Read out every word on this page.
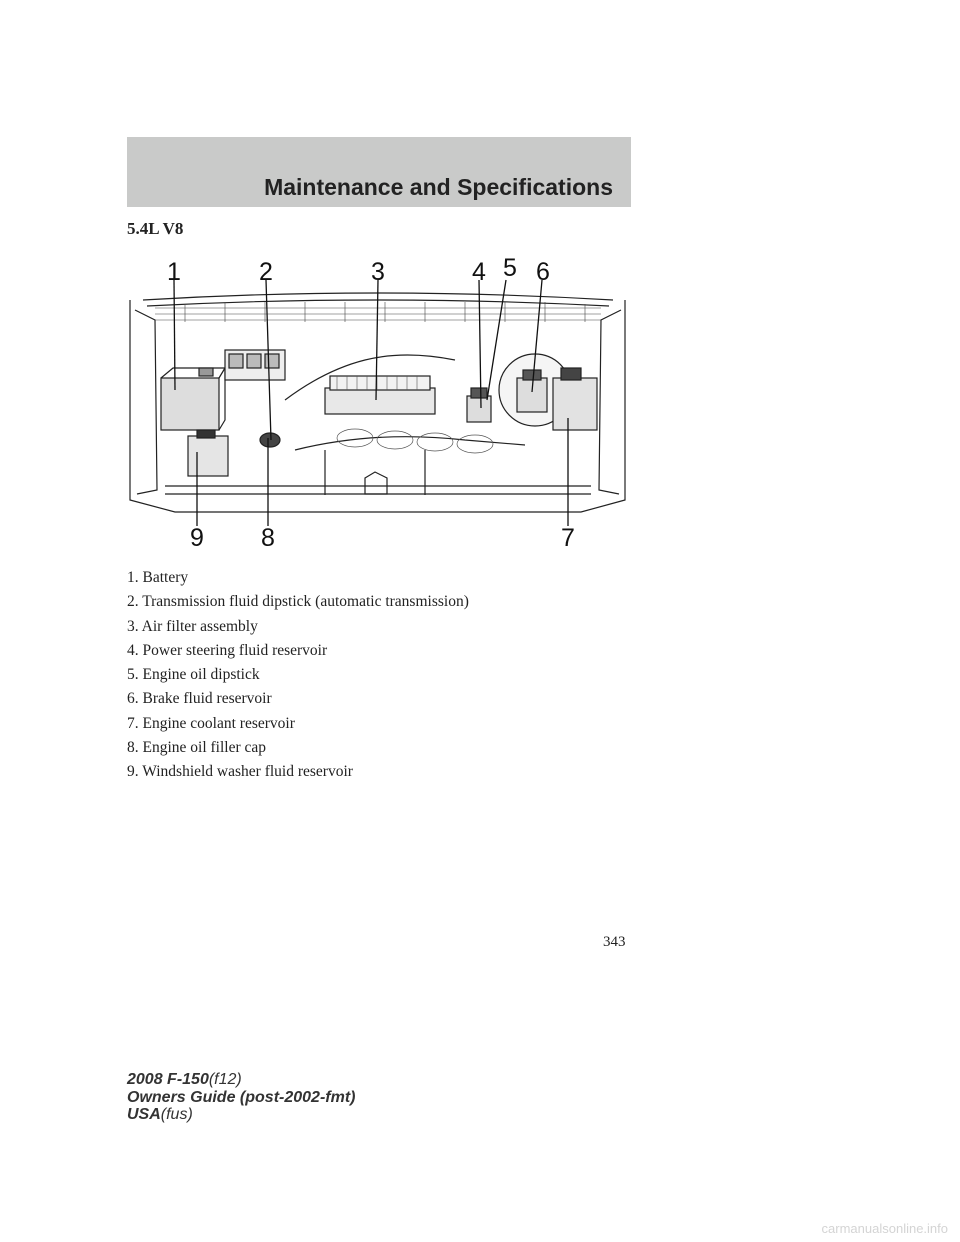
Maintenance and Specifications
5.4L V8
1	2	3	4 5 6
7
8
9
1. Battery
2. Transmission fluid dipstick (automatic transmission)
3. Air filter assembly
4. Power steering fluid reservoir
5. Engine oil dipstick
6. Brake fluid reservoir
7. Engine coolant reservoir
8. Engine oil filler cap
9. Windshield washer fluid reservoir
343
2008 F-150(f12)
Owners Guide (post-2002-fmt)
USA(fus)
carmanualsonline.info
